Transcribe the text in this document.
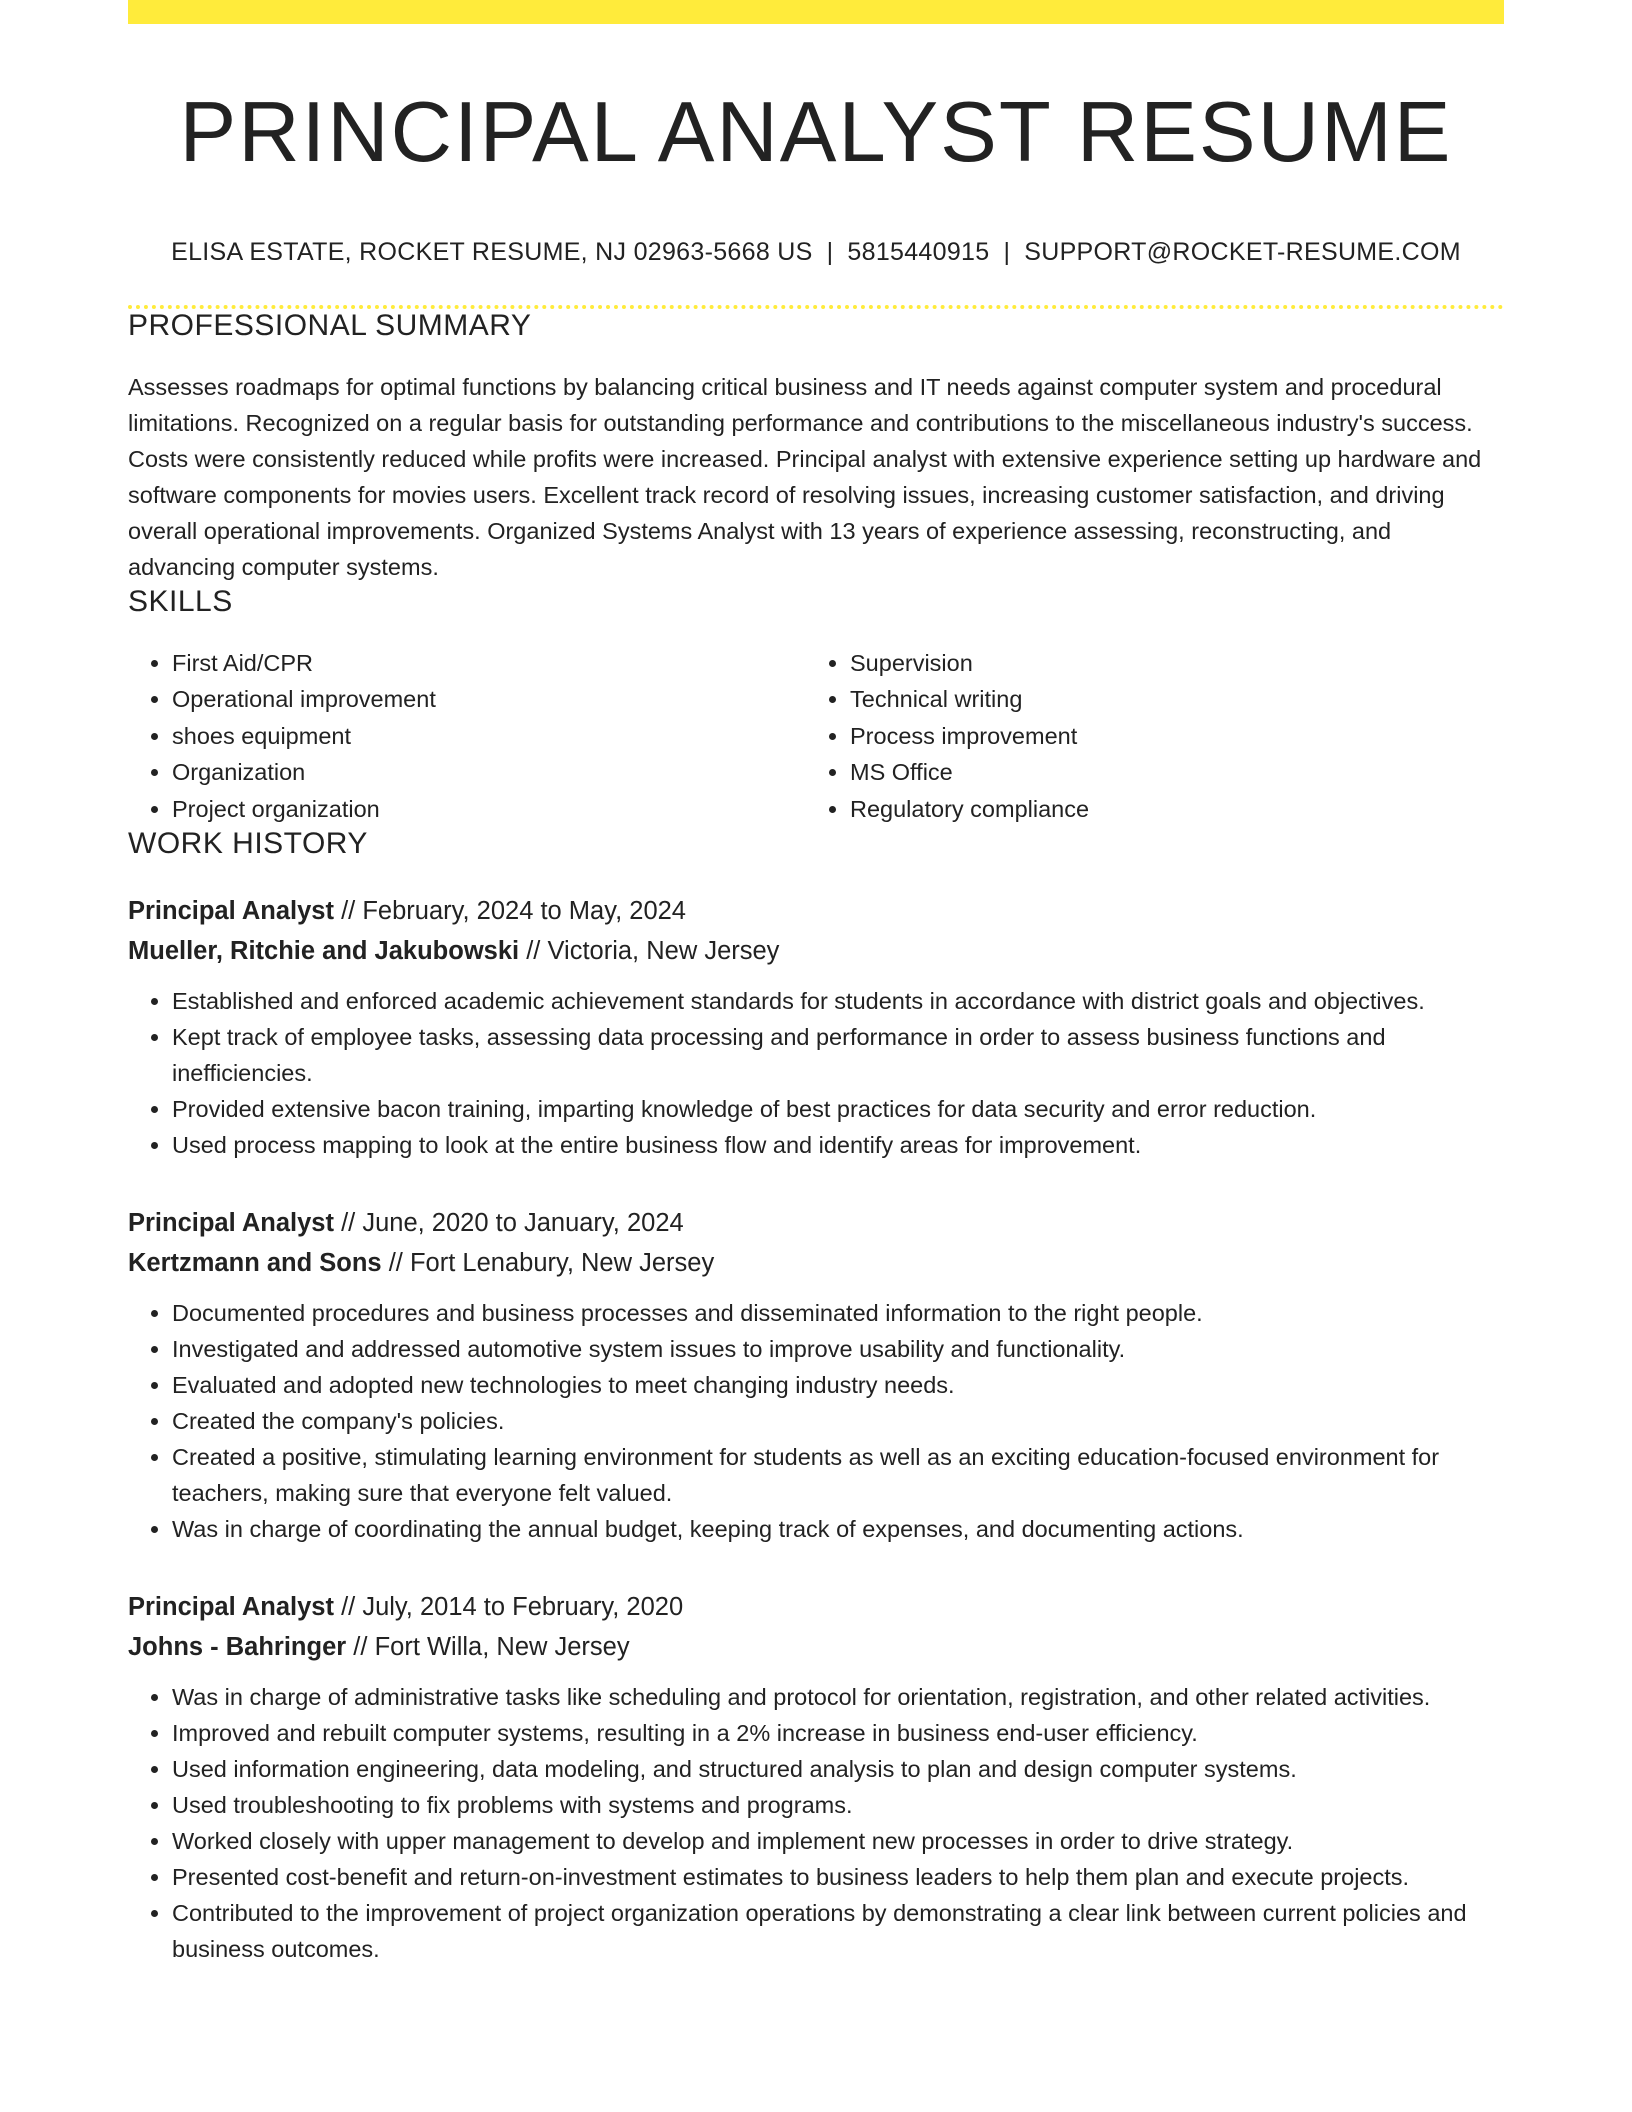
PRINCIPAL ANALYST RESUME
ELISA ESTATE, ROCKET RESUME, NJ 02963-5668 US | 5815440915 | SUPPORT@ROCKET-RESUME.COM
PROFESSIONAL SUMMARY

Assesses roadmaps for optimal functions by balancing critical business and IT needs against computer system and procedural limitations. Recognized on a regular basis for outstanding performance and contributions to the miscellaneous industry's success. Costs were consistently reduced while profits were increased. Principal analyst with extensive experience setting up hardware and software components for movies users. Excellent track record of resolving issues, increasing customer satisfaction, and driving overall operational improvements. Organized Systems Analyst with 13 years of experience assessing, reconstructing, and advancing computer systems.

SKILLS
• First Aid/CPR
• Operational improvement
• shoes equipment
• Organization
• Project organization
• Supervision
• Technical writing
• Process improvement
• MS Office
• Regulatory compliance
WORK HISTORY
Principal Analyst // February, 2024 to May, 2024
Mueller, Ritchie and Jakubowski // Victoria, New Jersey
• Established and enforced academic achievement standards for students in accordance with district goals and objectives.
• Kept track of employee tasks, assessing data processing and performance in order to assess business functions and inefficiencies.
• Provided extensive bacon training, imparting knowledge of best practices for data security and error reduction.
• Used process mapping to look at the entire business flow and identify areas for improvement.
Principal Analyst // June, 2020 to January, 2024
Kertzmann and Sons // Fort Lenabury, New Jersey
• Documented procedures and business processes and disseminated information to the right people.
• Investigated and addressed automotive system issues to improve usability and functionality.
• Evaluated and adopted new technologies to meet changing industry needs.
• Created the company's policies.
• Created a positive, stimulating learning environment for students as well as an exciting education-focused environment for teachers, making sure that everyone felt valued.
• Was in charge of coordinating the annual budget, keeping track of expenses, and documenting actions.
Principal Analyst // July, 2014 to February, 2020
Johns - Bahringer // Fort Willa, New Jersey
• Was in charge of administrative tasks like scheduling and protocol for orientation, registration, and other related activities.
• Improved and rebuilt computer systems, resulting in a 2% increase in business end-user efficiency.
• Used information engineering, data modeling, and structured analysis to plan and design computer systems.
• Used troubleshooting to fix problems with systems and programs.
• Worked closely with upper management to develop and implement new processes in order to drive strategy.
• Presented cost-benefit and return-on-investment estimates to business leaders to help them plan and execute projects.
• Contributed to the improvement of project organization operations by demonstrating a clear link between current policies and business outcomes.
